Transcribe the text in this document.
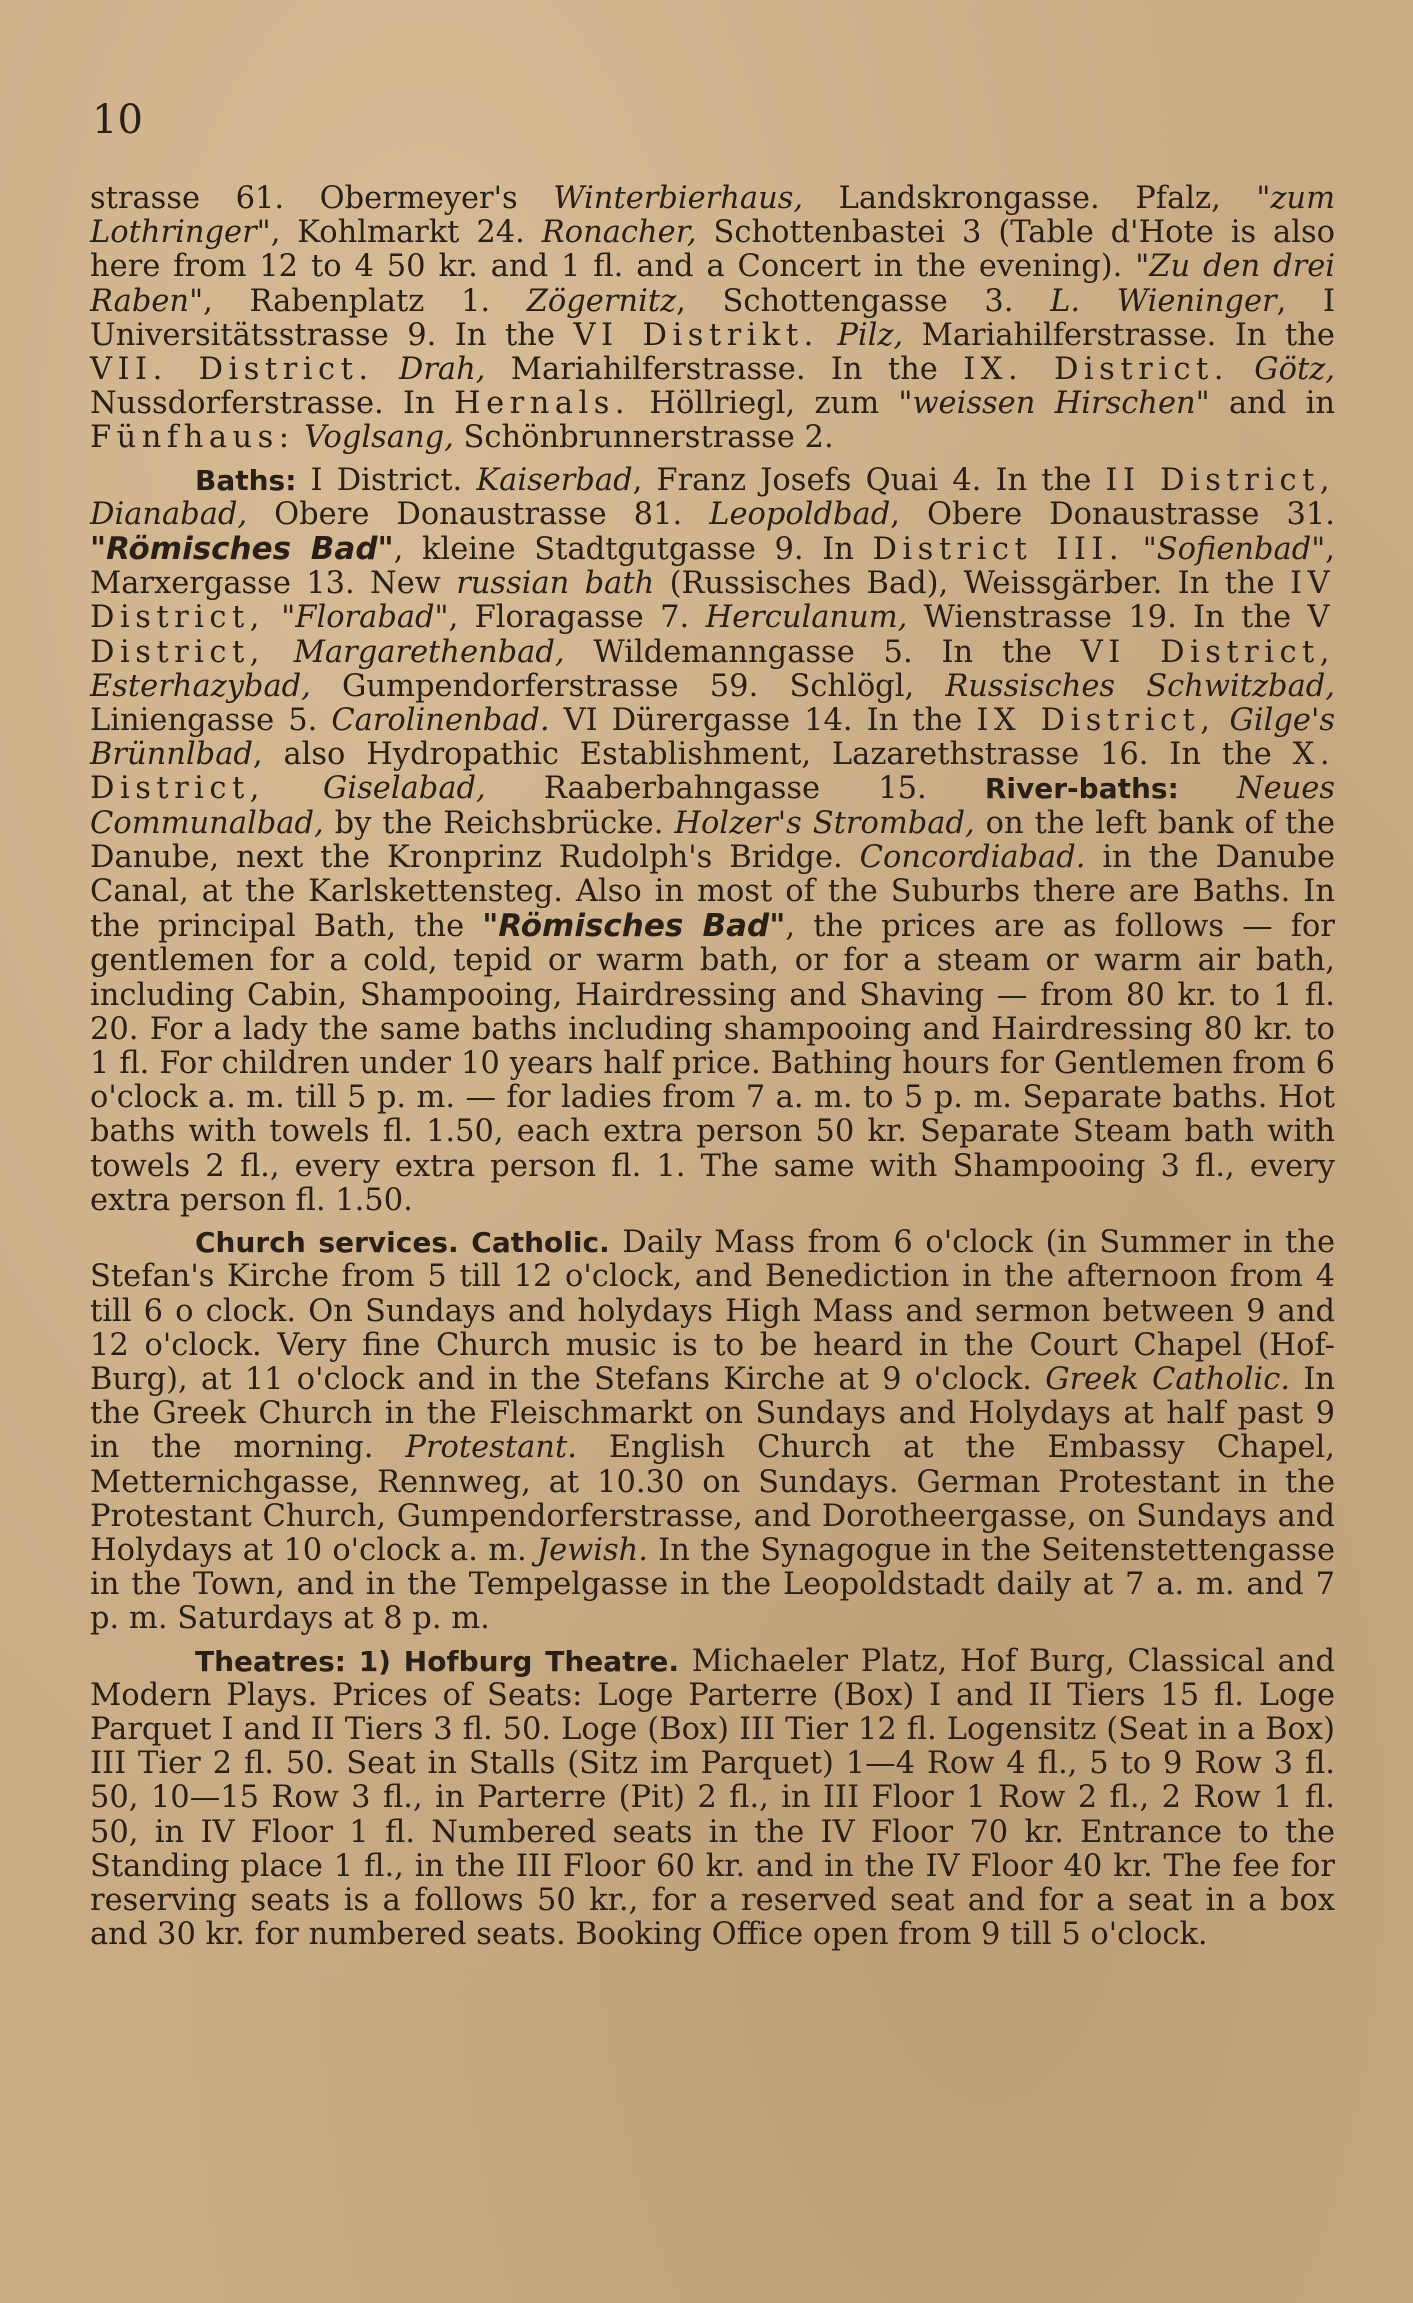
10

strasse 61. Obermeyer's Winterbierhaus, Landskrongasse. Pfalz, "zum Lothringer", Kohlmarkt 24. Ronacher, Schottenbastei 3 (Table d'Hote is also here from 12 to 4 50 kr. and 1 fl. and a Concert in the evening). "Zu den drei Raben", Rabenplatz 1. Zögernitz, Schottengasse 3. L. Wieninger, I Universitätsstrasse 9. In the VI Distrikt. Pilz, Mariahilferstrasse. In the VII. District. Drah, Mariahilferstrasse. In the IX. District. Götz, Nussdorferstrasse. In Hernals. Höllriegl, zum "weissen Hirschen" and in Fünfhaus: Voglsang, Schönbrunnerstrasse 2.

Baths: I District. Kaiserbad, Franz Josefs Quai 4. In the II District, Dianabad, Obere Donaustrasse 81. Leopoldbad, Obere Donaustrasse 31. "Römisches Bad", kleine Stadtgutgasse 9. In District III. "Sofienbad", Marxergasse 13. New russian bath (Russisches Bad), Weissgärber. In the IV District, "Florabad", Floragasse 7. Herculanum, Wienstrasse 19. In the V District, Margarethenbad, Wildemanngasse 5. In the VI District, Esterhazybad, Gumpendorferstrasse 59. Schlögl, Russisches Schwitzbad, Liniengasse 5. Carolinenbad. VI Dürergasse 14. In the IX District, Gilge's Brünnlbad, also Hydropathic Establishment, Lazarethstrasse 16. In the X. District, Giselabad, Raaberbahngasse 15. River-baths: Neues Communalbad, by the Reichsbrücke. Holzer's Strombad, on the left bank of the Danube, next the Kronprinz Rudolph's Bridge. Concordiabad. in the Danube Canal, at the Karlskettensteg. Also in most of the Suburbs there are Baths. In the principal Bath, the "Römisches Bad", the prices are as follows — for gentlemen for a cold, tepid or warm bath, or for a steam or warm air bath, including Cabin, Shampooing, Hairdressing and Shaving — from 80 kr. to 1 fl. 20. For a lady the same baths including shampooing and Hairdressing 80 kr. to 1 fl. For children under 10 years half price. Bathing hours for Gentlemen from 6 o'clock a. m. till 5 p. m. — for ladies from 7 a. m. to 5 p. m. Separate baths. Hot baths with towels fl. 1.50, each extra person 50 kr. Separate Steam bath with towels 2 fl., every extra person fl. 1. The same with Shampooing 3 fl., every extra person fl. 1.50.

Church services. Catholic. Daily Mass from 6 o'clock (in Summer in the Stefan's Kirche from 5 till 12 o'clock, and Benediction in the afternoon from 4 till 6 o clock. On Sundays and holydays High Mass and sermon between 9 and 12 o'clock. Very fine Church music is to be heard in the Court Chapel (Hof-Burg), at 11 o'clock and in the Stefans Kirche at 9 o'clock. Greek Catholic. In the Greek Church in the Fleischmarkt on Sundays and Holydays at half past 9 in the morning. Protestant. English Church at the Embassy Chapel, Metternichgasse, Rennweg, at 10.30 on Sundays. German Protestant in the Protestant Church, Gumpendorferstrasse, and Dorotheergasse, on Sundays and Holydays at 10 o'clock a. m. Jewish. In the Synagogue in the Seitenstettengasse in the Town, and in the Tempelgasse in the Leopoldstadt daily at 7 a. m. and 7 p. m. Saturdays at 8 p. m.

Theatres: 1) Hofburg Theatre. Michaeler Platz, Hof Burg, Classical and Modern Plays. Prices of Seats: Loge Parterre (Box) I and II Tiers 15 fl. Loge Parquet I and II Tiers 3 fl. 50. Loge (Box) III Tier 12 fl. Logensitz (Seat in a Box) III Tier 2 fl. 50. Seat in Stalls (Sitz im Parquet) 1—4 Row 4 fl., 5 to 9 Row 3 fl. 50, 10—15 Row 3 fl., in Parterre (Pit) 2 fl., in III Floor 1 Row 2 fl., 2 Row 1 fl. 50, in IV Floor 1 fl. Numbered seats in the IV Floor 70 kr. Entrance to the Standing place 1 fl., in the III Floor 60 kr. and in the IV Floor 40 kr. The fee for reserving seats is a follows 50 kr., for a reserved seat and for a seat in a box and 30 kr. for numbered seats. Booking Office open from 9 till 5 o'clock.
